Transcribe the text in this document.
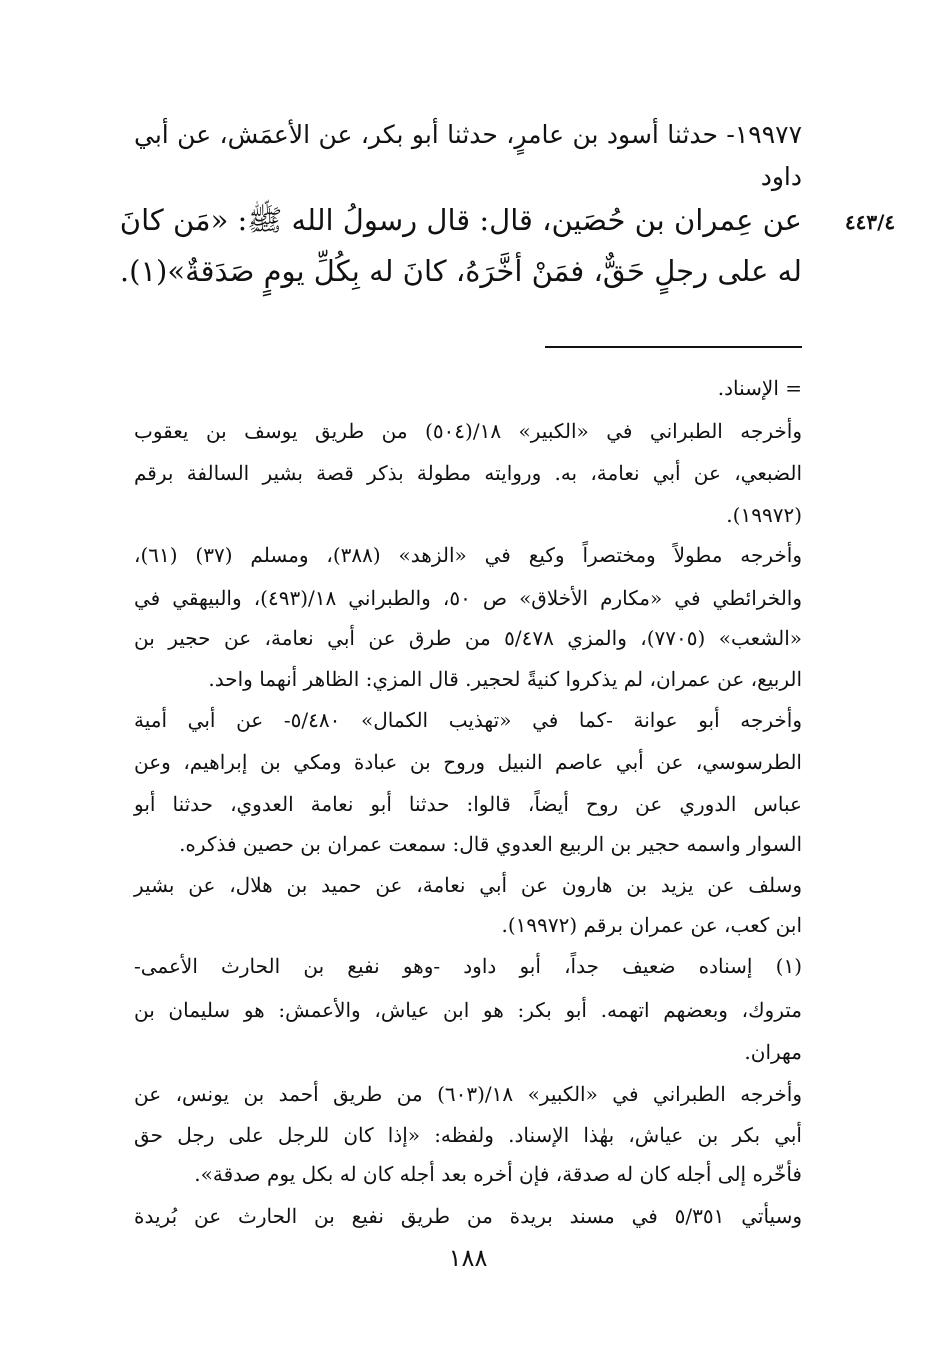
١٩٩٧٧- حدثنا أسود بن عامرٍ، حدثنا أبو بكر، عن الأعمَش، عن أبي
داود
عن عِمران بن حُصَين، قال: قال رسولُ الله ﷺ: «مَن كانَ
له على رجلٍ حَقٌّ، فمَنْ أخَّرَهُ، كانَ له بِكُلِّ يومٍ صَدَقةٌ»(١).
٤٤٣/٤
= الإسناد.
وأخرجه الطبراني في «الكبير» ١٨/(٥٠٤) من طريق يوسف بن يعقوب
الضبعي، عن أبي نعامة، به. وروايته مطولة بذكر قصة بشير السالفة برقم
(١٩٩٧٢).
وأخرجه مطولاً ومختصراً وكيع في «الزهد» (٣٨٨)، ومسلم (٣٧) (٦١)،
والخرائطي في «مكارم الأخلاق» ص ٥٠، والطبراني ١٨/(٤٩٣)، والبيهقي في
«الشعب» (٧٧٠٥)، والمزي ٥/٤٧٨ من طرق عن أبي نعامة، عن حجير بن
الربيع، عن عمران، لم يذكروا كنيةً لحجير. قال المزي: الظاهر أنهما واحد.
وأخرجه أبو عوانة -كما في «تهذيب الكمال» ٥/٤٨٠- عن أبي أمية
الطرسوسي، عن أبي عاصم النبيل وروح بن عبادة ومكي بن إبراهيم، وعن
عباس الدوري عن روح أيضاً، قالوا: حدثنا أبو نعامة العدوي، حدثنا أبو
السوار واسمه حجير بن الربيع العدوي قال: سمعت عمران بن حصين فذكره.
وسلف عن يزيد بن هارون عن أبي نعامة، عن حميد بن هلال، عن بشير
ابن كعب، عن عمران برقم (١٩٩٧٢).
(١) إسناده ضعيف جداً، أبو داود -وهو نفيع بن الحارث الأعمى-
متروك، وبعضهم اتهمه. أبو بكر: هو ابن عياش، والأعمش: هو سليمان بن
مهران.
وأخرجه الطبراني في «الكبير» ١٨/(٦٠٣) من طريق أحمد بن يونس، عن
أبي بكر بن عياش، بهٰذا الإسناد. ولفظه: «إذا كان للرجل على رجل حق
فأخّره إلى أجله كان له صدقة، فإن أخره بعد أجله كان له بكل يوم صدقة».
وسيأتي ٥/٣٥١ في مسند بريدة من طريق نفيع بن الحارث عن بُريدة
١٨٨
